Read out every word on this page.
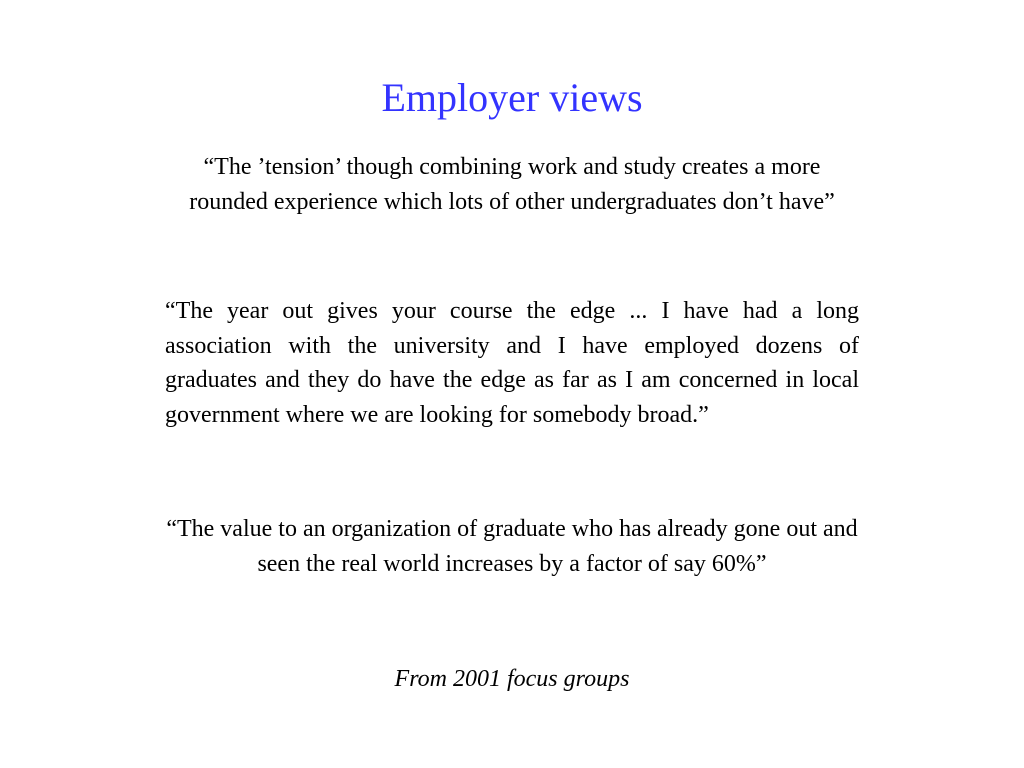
Employer views

“The ’tension’ though combining work and study creates a more rounded experience which lots of other undergraduates don’t have”

“The year out gives your course the edge ... I have had a long association with the university and I have employed dozens of graduates and they do have the edge as far as I am concerned in local government where we are looking for somebody broad.”

“The value to an organization of graduate who has already gone out and seen the real world increases by a factor of say 60%”

From 2001 focus groups
